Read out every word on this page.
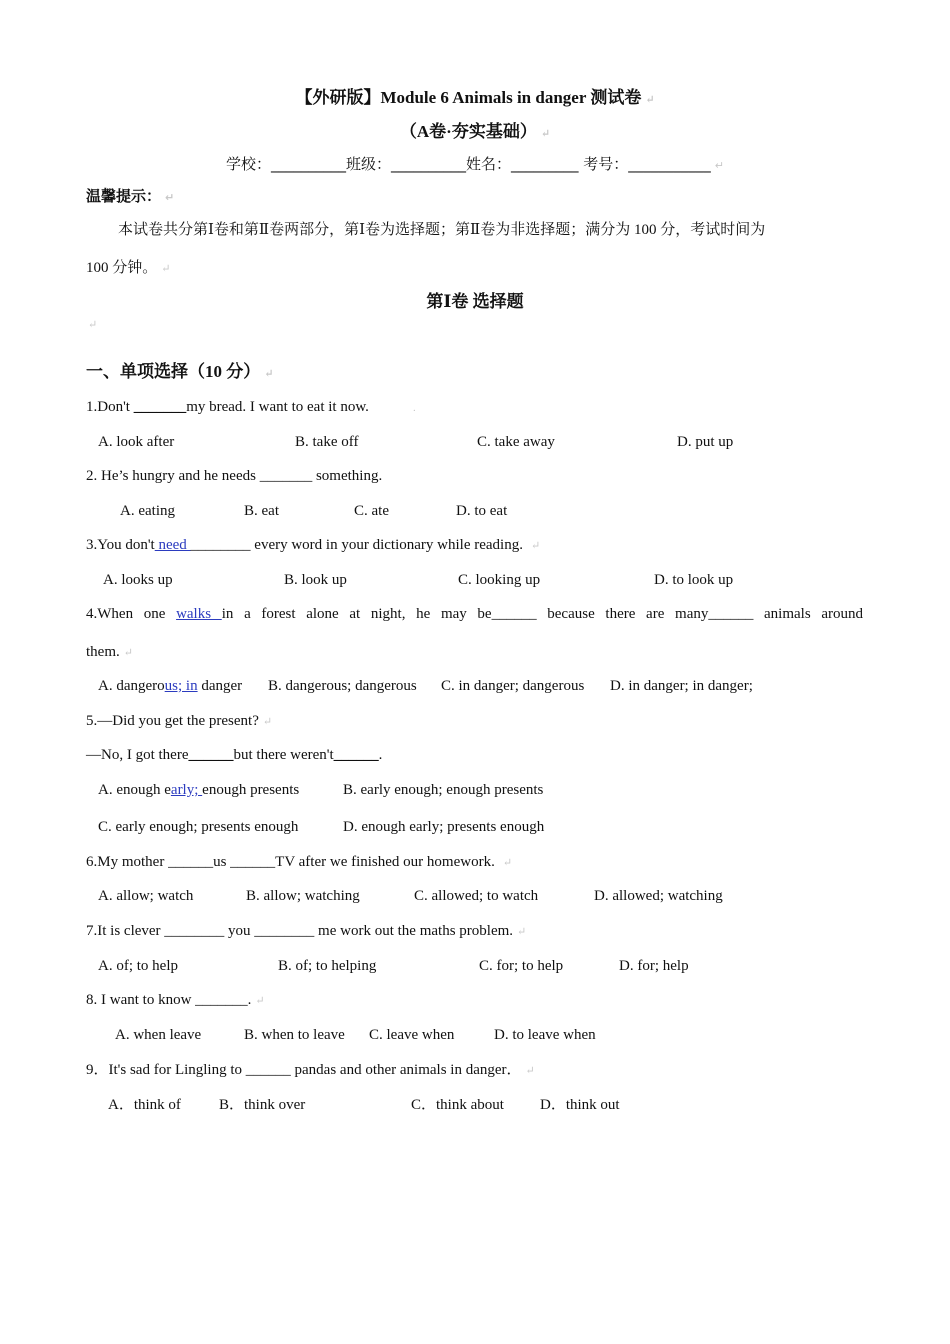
【外研版】Module 6 Animals in danger 测试卷 ↵
（A卷·夯实基础） ↵
学校：__________班级：__________姓名：_________ 考号：___________ ↵
温馨提示： ↵
本试卷共分第Ⅰ卷和第Ⅱ卷两部分，第Ⅰ卷为选择题；第Ⅱ卷为非选择题；满分为 100 分，考试时间为
100 分钟。 ↵
第Ⅰ卷 选择题
↵
一、单项选择（10 分） ↵
1.Don't _______my bread. I want to eat it now.	.
A. look after	B. take off	C. take away	D. put up
2. He’s hungry and he needs _______ something.
A. eating	B. eat	C. ate	D. to eat
3.You don't need ________ every word in your dictionary while reading. ↵
A. looks up	B. look up	C. looking up	D. to look up
4.When one walks in a forest alone at night, he may be______ because there are many______ animals around
them. ↵
A. dangerous; in danger B. dangerous; dangerous C. in danger; dangerous D. in danger; in danger;
5.—Did you get the present? ↵
—No, I got there______but there weren't______.
A. enough early; enough presents	B. early enough; enough presents
C. early enough; presents enough	D. enough early; presents enough
6.My mother ______us ______TV after we finished our homework. ↵
A. allow; watch	B. allow; watching	C. allowed; to watch	D. allowed; watching
7.It is clever ________ you ________ me work out the maths problem. ↵
A. of; to help	B. of; to helping	C. for; to help	D. for; help
8. I want to know _______. ↵
A. when leave	B. when to leave C. leave when	D. to leave when
9．It's sad for Lingling to ______ pandas and other animals in danger． ↵
A．think of	B．think over	C．think about D．think out
